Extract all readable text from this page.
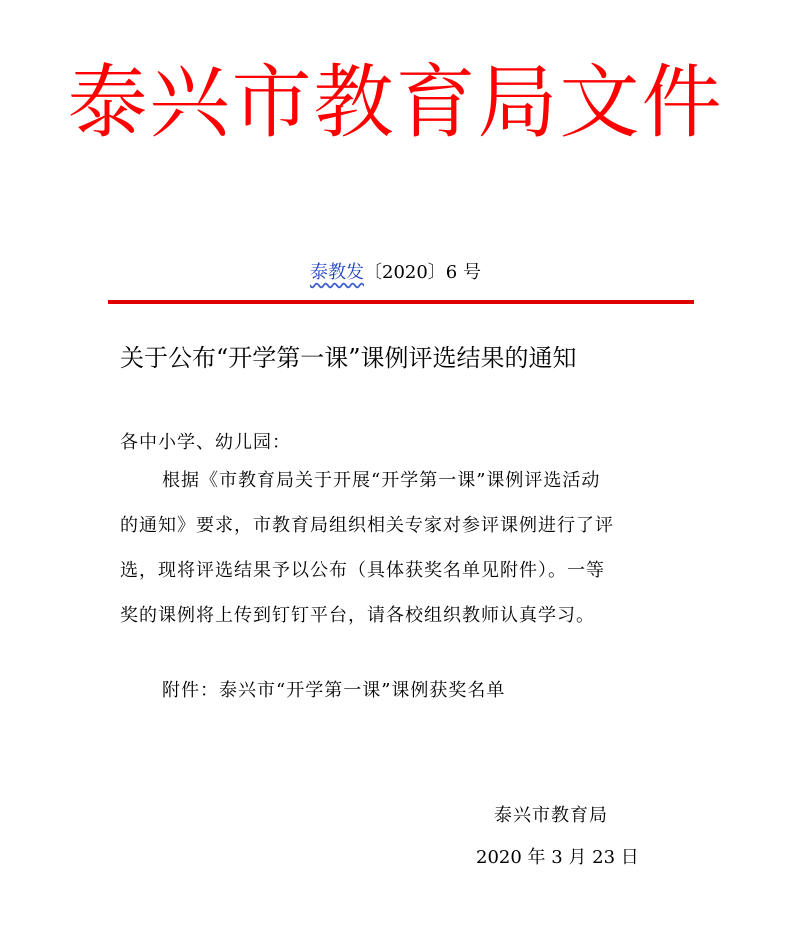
泰兴市教育局文件
泰教发〔2020〕6 号
关于公布“开学第一课”课例评选结果的通知
各中小学、幼儿园：
根据《市教育局关于开展“开学第一课”课例评选活动
的通知》要求，市教育局组织相关专家对参评课例进行了评
选，现将评选结果予以公布（具体获奖名单见附件）。一等
奖的课例将上传到钉钉平台，请各校组织教师认真学习。
附件：泰兴市“开学第一课”课例获奖名单
泰兴市教育局
2020 年 3 月 23 日
